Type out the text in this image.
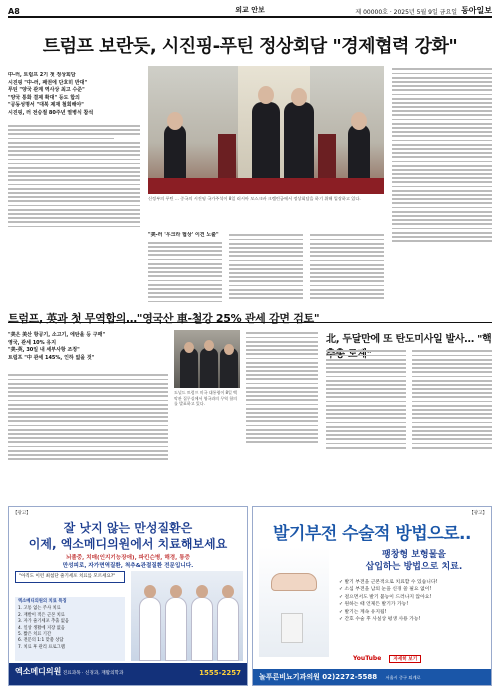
A8	외교 안보	제 00000호 · 2025년 5월 9일 금요일 동아일보
트럼프 보란듯, 시진핑-푸틴 정상회담 "경제협력 강화"
中-러, 트럼프 2기 첫 정상회담
시진핑 "中-러, 패권에 단호히 반대"
푸틴 "양국 관계 역사상 최고 수준"
"양국 통화 결제 확대" 등도 합의
"공동성명서 "대북 제재 철회해야"
시진핑, 러 전승절 80주년 열병식 참석
신정부의 푸틴 ... 중국의 시진핑 국가주석이 8일 러시아 모스크바 크렘린궁에서 정상회담을 하기 위해 입장하고 있다.
"美-러 '우크라 협상' 이견 노출"
트럼프, 英과 첫 무역합의…"영국산 車-철강 25% 관세 감면 검토"
"美은 美산 항공기, 소고기, 에탄올 등 구매"
영국, 관세 10% 유지
"美-英, 30일 내 세부사항 조정"
트럼프 "中 관세 145%, 인하 없을 것"
도널드 트럼프 미국 대통령이 8일 백악관 집무실에서 영국과의 무역 합의를 발표하고 있다.
北, 두달만에 또 탄도미사일 발사… "핵
【광고】
잘 낫지 않는 만성질환은
이제, 엑소메디의원에서 치료해보세요
뇌졸중, 치매(인지기능장애), 파킨슨병, 해경, 통증
만성피로, 자가면역질환, 척추&관절질환 전문입니다.
"아직도 이런 최첨단 줄기세포 치료를 모르세요?"
엑소메디의원의 치료 특징
1. 고통 없는 주사 치료
2. 재발이 적은 근본 치료
3. 자가 줄기세포 추출 없음
4. 일상 생활에 지장 없음
5. 짧은 치료 기간
6. 전문의 1:1 맞춤 상담
7. 치료 후 관리 프로그램
엑소메디의원 진료과목 · 신경과, 재활의학과	1555-2257
【광고】
발기부전 수술적 방법으로..
팽창형 보형물을
삽입하는 방법으로 치료.
✓ 발기 부전을 근본적으로 치료할 수 있습니다!
✓ 소심 부전을 남의 눈을 신경 쓸 필요 없이!
✓ 걸으면서도 발기 불능이 드러나지 않아요!
✓ 원하는 때 언제든 발기가 가능!
✓ 발기는 계속 유지됨!
✓ 간호 수술 후 사실상 평생 사용 가능!
YouTube	자세히 보기
놀푸른비뇨기과의원 02)2272-5588 서울시 중구 퇴계로
